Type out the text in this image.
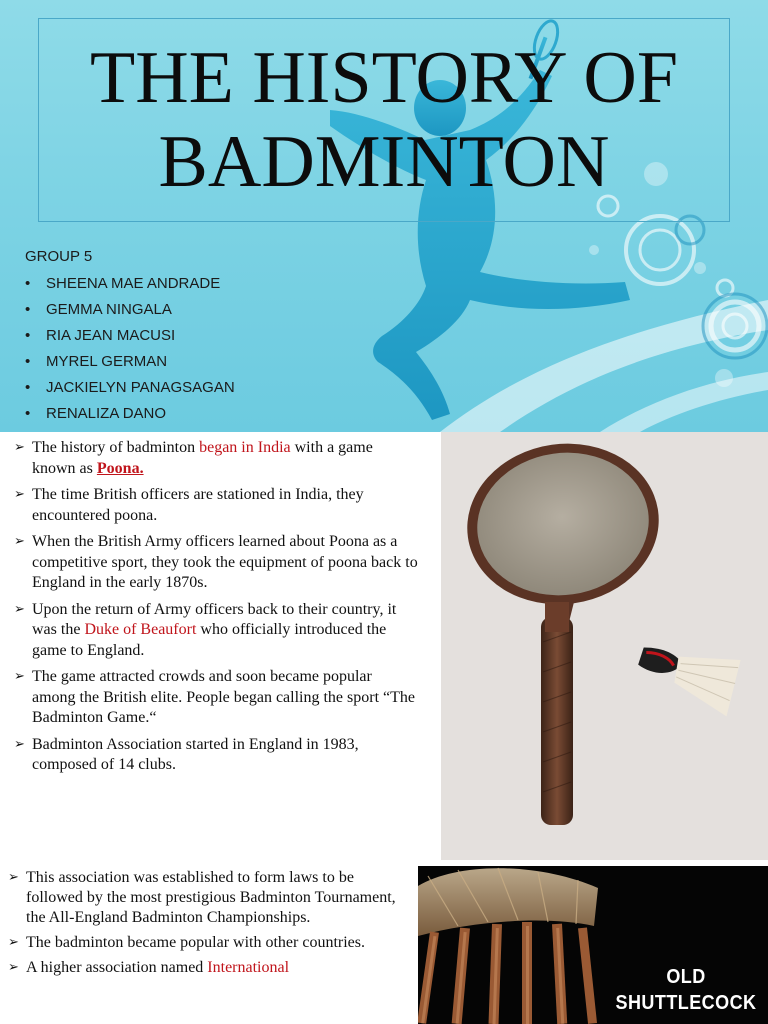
THE HISTORY OF
BADMINTON
GROUP 5
• SHEENA MAE ANDRADE
• GEMMA NINGALA
• RIA JEAN MACUSI
• MYREL GERMAN
• JACKIELYN PANAGSAGAN
• RENALIZA DANO
➢ The history of badminton began in India with a game known as Poona.
➢ The time British officers are stationed in India, they encountered poona.
➢ When the British Army officers learned about Poona as a competitive sport, they took the equipment of poona back to England in the early 1870s.
➢ Upon the return of Army officers back to their country, it was the Duke of Beaufort who officially introduced the game to England.
➢ The game attracted crowds and soon became popular among the British elite. People began calling the sport “The Badminton Game.“
➢ Badminton Association started in England in 1983, composed of 14 clubs.
➢ This association was established to form laws to be followed by the most prestigious Badminton Tournament, the All-England Badminton Championships.
➢ The badminton became popular with other countries.
➢ A higher association named International	OLD
SHUTTLECOCK
